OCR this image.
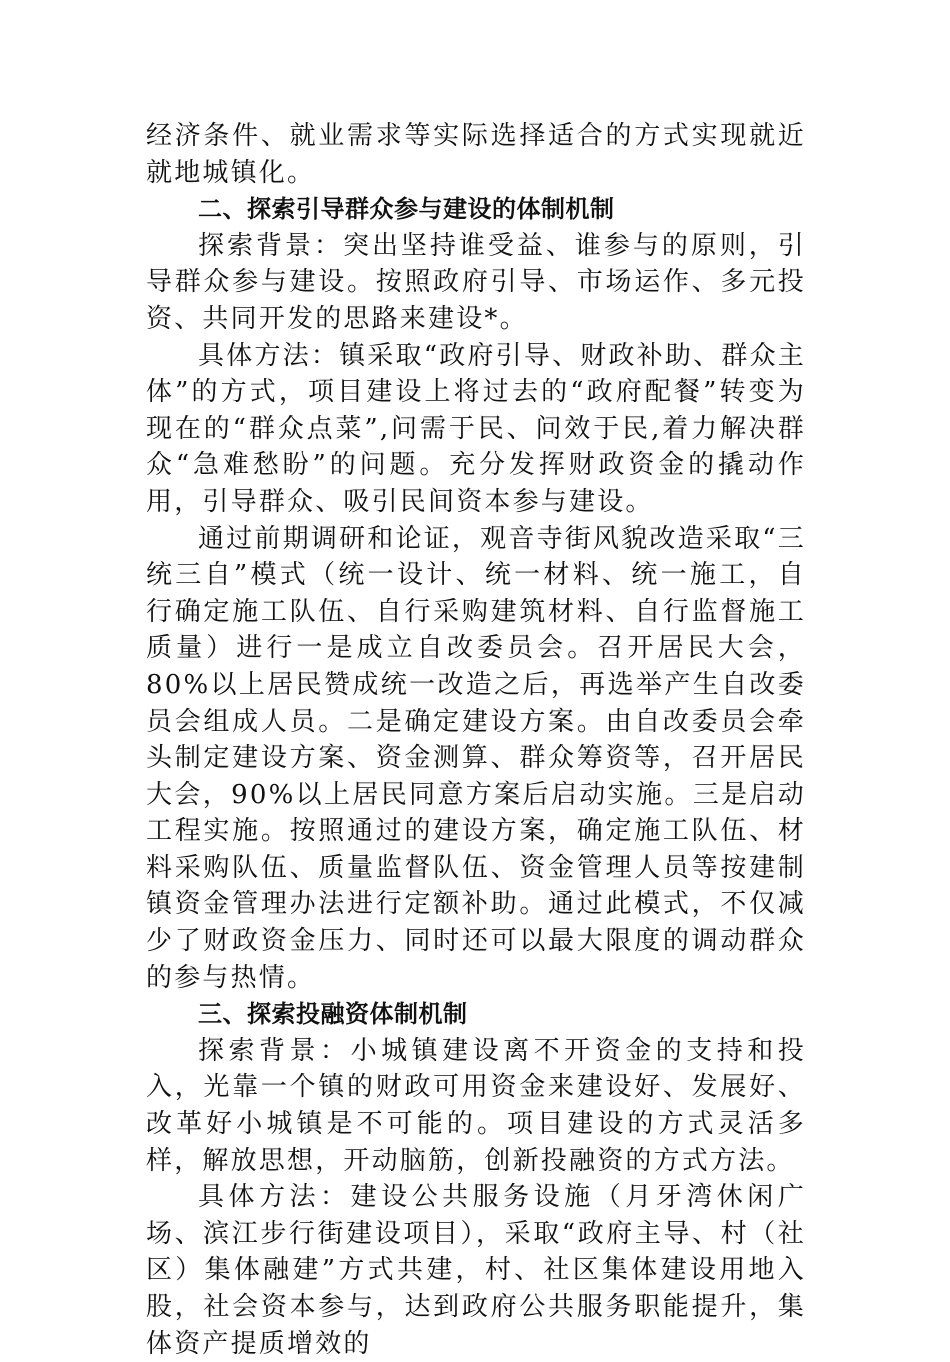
经济条件、就业需求等实际选择适合的方式实现就近就地城镇化。

二、探索引导群众参与建设的体制机制

探索背景：突出坚持谁受益、谁参与的原则，引导群众参与建设。按照政府引导、市场运作、多元投资、共同开发的思路来建设*。

具体方法：镇采取“政府引导、财政补助、群众主体”的方式，项目建设上将过去的“政府配餐”转变为现在的“群众点菜”,问需于民、问效于民,着力解决群众“急难愁盼”的问题。充分发挥财政资金的撬动作用，引导群众、吸引民间资本参与建设。

通过前期调研和论证，观音寺街风貌改造采取“三统三自”模式（统一设计、统一材料、统一施工，自行确定施工队伍、自行采购建筑材料、自行监督施工质量）进行一是成立自改委员会。召开居民大会，80%以上居民赞成统一改造之后，再选举产生自改委员会组成人员。二是确定建设方案。由自改委员会牵头制定建设方案、资金测算、群众筹资等，召开居民大会，90%以上居民同意方案后启动实施。三是启动工程实施。按照通过的建设方案，确定施工队伍、材料采购队伍、质量监督队伍、资金管理人员等按建制镇资金管理办法进行定额补助。通过此模式，不仅减少了财政资金压力、同时还可以最大限度的调动群众的参与热情。

三、探索投融资体制机制

探索背景：小城镇建设离不开资金的支持和投入，光靠一个镇的财政可用资金来建设好、发展好、改革好小城镇是不可能的。项目建设的方式灵活多样，解放思想，开动脑筋，创新投融资的方式方法。

具体方法：建设公共服务设施（月牙湾休闲广场、滨江步行街建设项目），采取“政府主导、村（社区）集体融建”方式共建，村、社区集体建设用地入股，社会资本参与，达到政府公共服务职能提升，集体资产提质增效的
